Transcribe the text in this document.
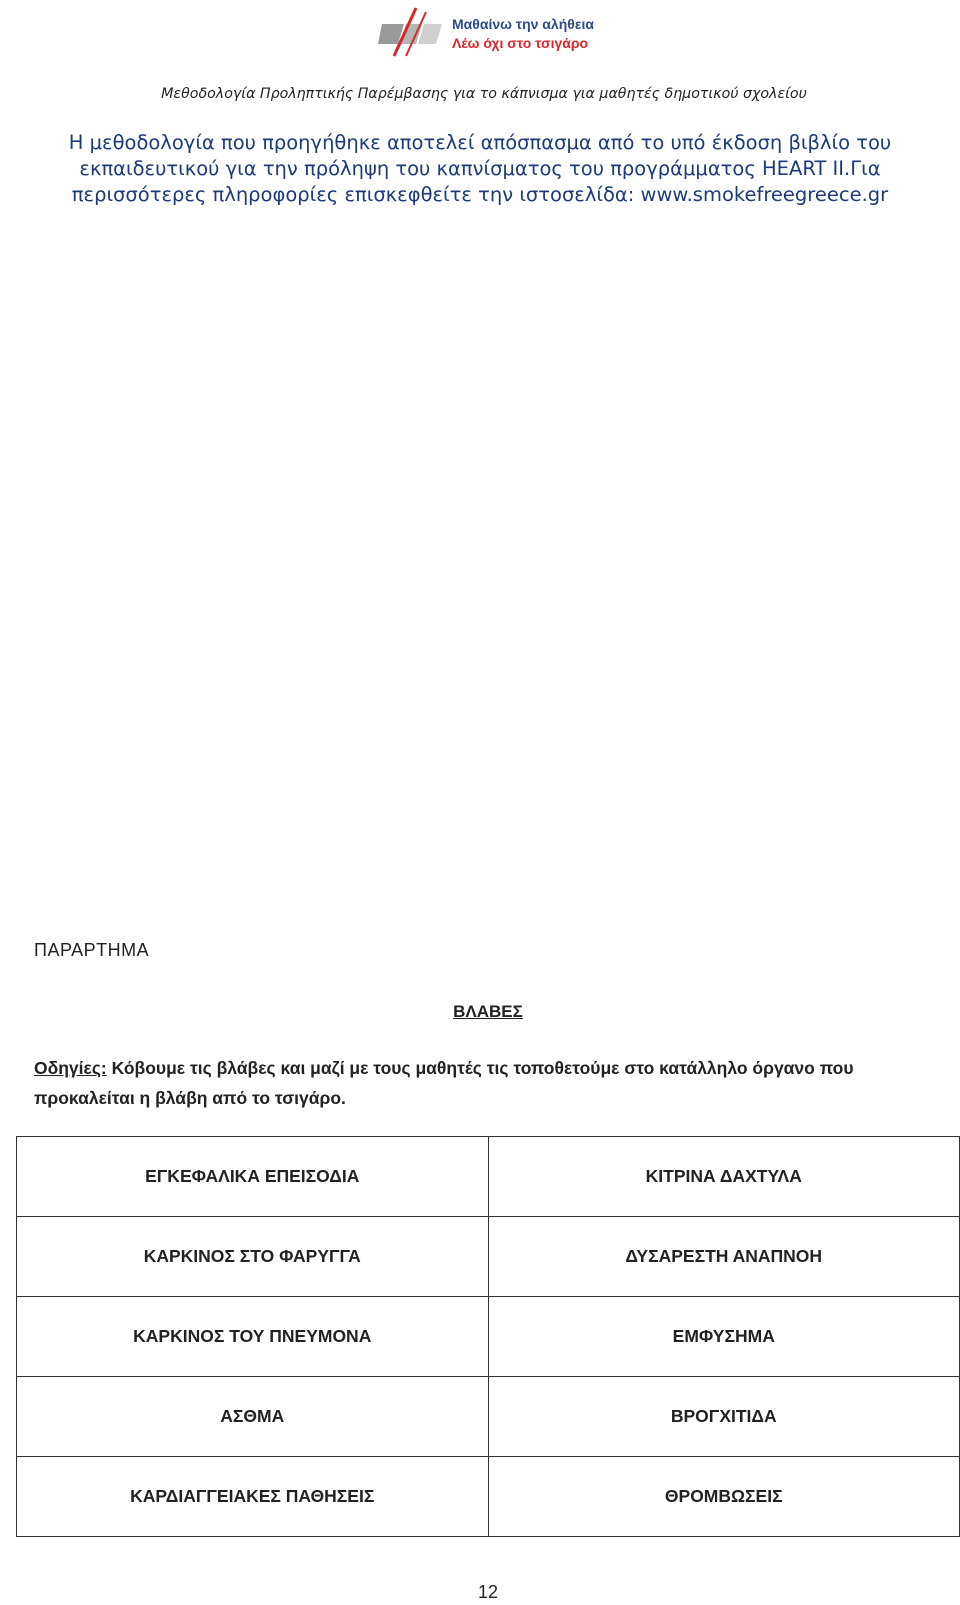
Μαθαίνω την αλήθεια
Λέω όχι στο τσιγάρο
Μεθοδολογία Προληπτικής Παρέμβασης για το κάπνισμα για μαθητές δημοτικού σχολείου
Η μεθοδολογία που προηγήθηκε αποτελεί απόσπασμα από το υπό έκδοση βιβλίο του
εκπαιδευτικού για την πρόληψη του καπνίσματος του προγράμματος HEART II.Για
περισσότερες πληροφορίες επισκεφθείτε την ιστοσελίδα: www.smokefreegreece.gr
ΠΑΡΑΡΤΗΜΑ
ΒΛΑΒΕΣ
Οδηγίες: Κόβουμε τις βλάβες και μαζί με τους μαθητές τις τοποθετούμε στο κατάλληλο όργανο που προκαλείται η βλάβη από το τσιγάρο.
ΕΓΚΕΦΑΛΙΚΑ ΕΠΕΙΣΟΔΙΑ	ΚΙΤΡΙΝΑ ΔΑΧΤΥΛΑ
ΚΑΡΚΙΝΟΣ ΣΤΟ ΦΑΡΥΓΓΑ	ΔΥΣΑΡΕΣΤΗ ΑΝΑΠΝΟΗ
ΚΑΡΚΙΝΟΣ ΤΟΥ ΠΝΕΥΜΟΝΑ	ΕΜΦΥΣΗΜΑ
ΑΣΘΜΑ	ΒΡΟΓΧΙΤΙΔΑ
ΚΑΡΔΙΑΓΓΕΙΑΚΕΣ ΠΑΘΗΣΕΙΣ	ΘΡΟΜΒΩΣΕΙΣ
12
